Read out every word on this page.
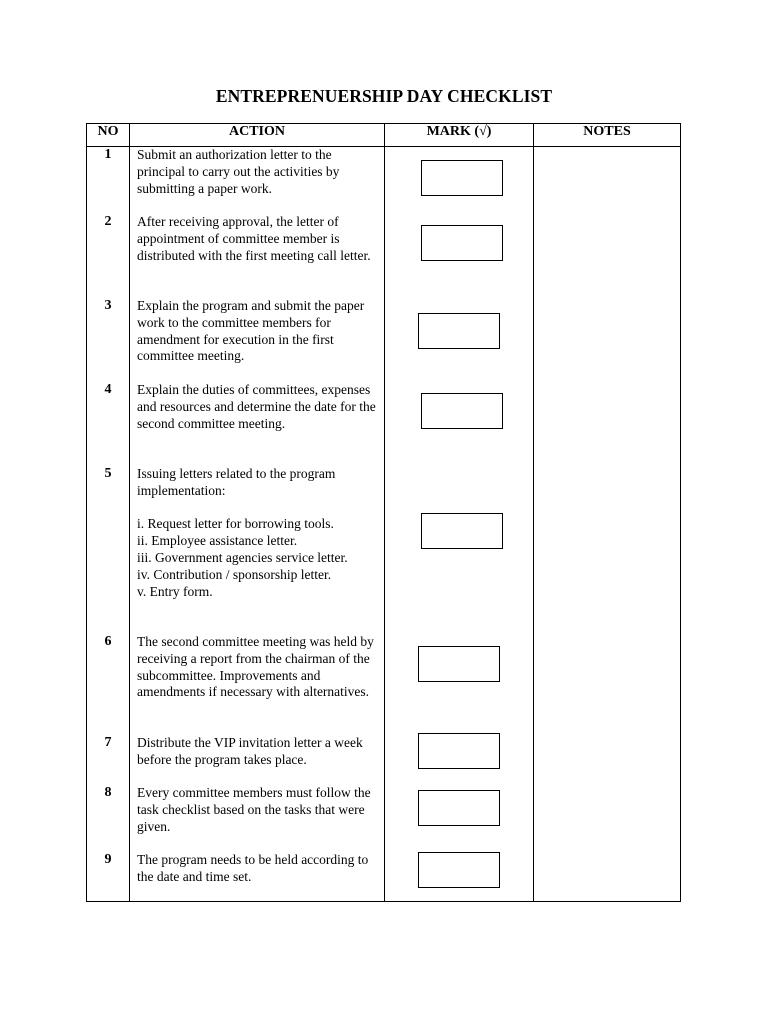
ENTREPRENUERSHIP DAY CHECKLIST
NO	ACTION	MARK (√)	NOTES
1	Submit an authorization letter to the principal to carry out the activities by submitting a paper work.

2	After receiving approval, the letter of appointment of committee member is distributed with the first meeting call letter.

3	Explain the program and submit the paper work to the committee members for amendment for execution in the first committee meeting.

4	Explain the duties of committees, expenses and resources and determine the date for the second committee meeting.

5	Issuing letters related to the program implementation:

i. Request letter for borrowing tools.

ii. Employee assistance letter.

iii. Government agencies service letter.

iv. Contribution / sponsorship letter.

v. Entry form.

6	The second committee meeting was held by receiving a report from the chairman of the subcommittee. Improvements and amendments if necessary with alternatives.

7	Distribute the VIP invitation letter a week before the program takes place.

8	Every committee members must follow the task checklist based on the tasks that were given.

9	The program needs to be held according to the date and time set.
